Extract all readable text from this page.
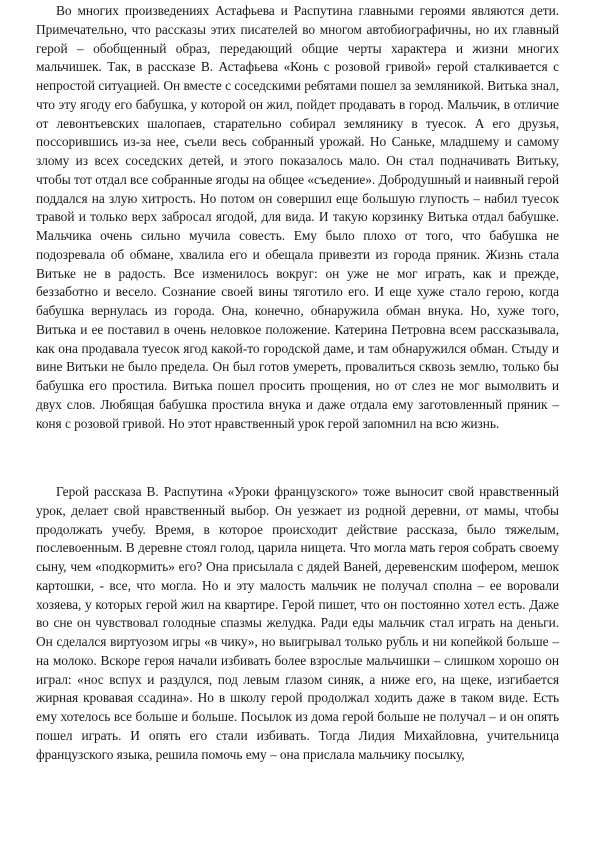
Во многих произведениях Астафьева и Распутина главными героями являются дети. Примечательно, что рассказы этих писателей во многом автобиографичны, но их главный герой – обобщенный образ, передающий общие черты характера и жизни многих мальчишек. Так, в рассказе В. Астафьева «Конь с розовой гривой» герой сталкивается с непростой ситуацией. Он вместе с соседскими ребятами пошел за земляникой. Витька знал, что эту ягоду его бабушка, у которой он жил, пойдет продавать в город. Мальчик, в отличие от левонтьевских шалопаев, старательно собирал землянику в туесок. А его друзья, поссорившись из-за нее, съели весь собранный урожай. Но Саньке, младшему и самому злому из всех соседских детей, и этого показалось мало. Он стал подначивать Витьку, чтобы тот отдал все собранные ягоды на общее «съедение». Добродушный и наивный герой поддался на злую хитрость. Но потом он совершил еще большую глупость – набил туесок травой и только верх забросал ягодой, для вида. И такую корзинку Витька отдал бабушке. Мальчика очень сильно мучила совесть. Ему было плохо от того, что бабушка не подозревала об обмане, хвалила его и обещала привезти из города пряник. Жизнь стала Витьке не в радость. Все изменилось вокруг: он уже не мог играть, как и прежде, беззаботно и весело. Сознание своей вины тяготило его. И еще хуже стало герою, когда бабушка вернулась из города. Она, конечно, обнаружила обман внука. Но, хуже того, Витька и ее поставил в очень неловкое положение. Катерина Петровна всем рассказывала, как она продавала туесок ягод какой-то городской даме, и там обнаружился обман. Стыду и вине Витьки не было предела. Он был готов умереть, провалиться сквозь землю, только бы бабушка его простила. Витька пошел просить прощения, но от слез не мог вымолвить и двух слов. Любящая бабушка простила внука и даже отдала ему заготовленный пряник – коня с розовой гривой. Но этот нравственный урок герой запомнил на всю жизнь.

Герой рассказа В. Распутина «Уроки французского» тоже выносит свой нравственный урок, делает свой нравственный выбор. Он уезжает из родной деревни, от мамы, чтобы продолжать учебу. Время, в которое происходит действие рассказа, было тяжелым, послевоенным. В деревне стоял голод, царила нищета. Что могла мать героя собрать своему сыну, чем «подкормить» его? Она присылала с дядей Ваней, деревенским шофером, мешок картошки, - все, что могла. Но и эту малость мальчик не получал сполна – ее воровали хозяева, у которых герой жил на квартире. Герой пишет, что он постоянно хотел есть. Даже во сне он чувствовал голодные спазмы желудка. Ради еды мальчик стал играть на деньги. Он сделался виртуозом игры «в чику», но выигрывал только рубль и ни копейкой больше – на молоко. Вскоре героя начали избивать более взрослые мальчишки – слишком хорошо он играл: «нос вспух и раздулся, под левым глазом синяк, а ниже его, на щеке, изгибается жирная кровавая ссадина». Но в школу герой продолжал ходить даже в таком виде. Есть ему хотелось все больше и больше. Посылок из дома герой больше не получал – и он опять пошел играть. И опять его стали избивать. Тогда Лидия Михайловна, учительница французского языка, решила помочь ему – она прислала мальчику посылку,
